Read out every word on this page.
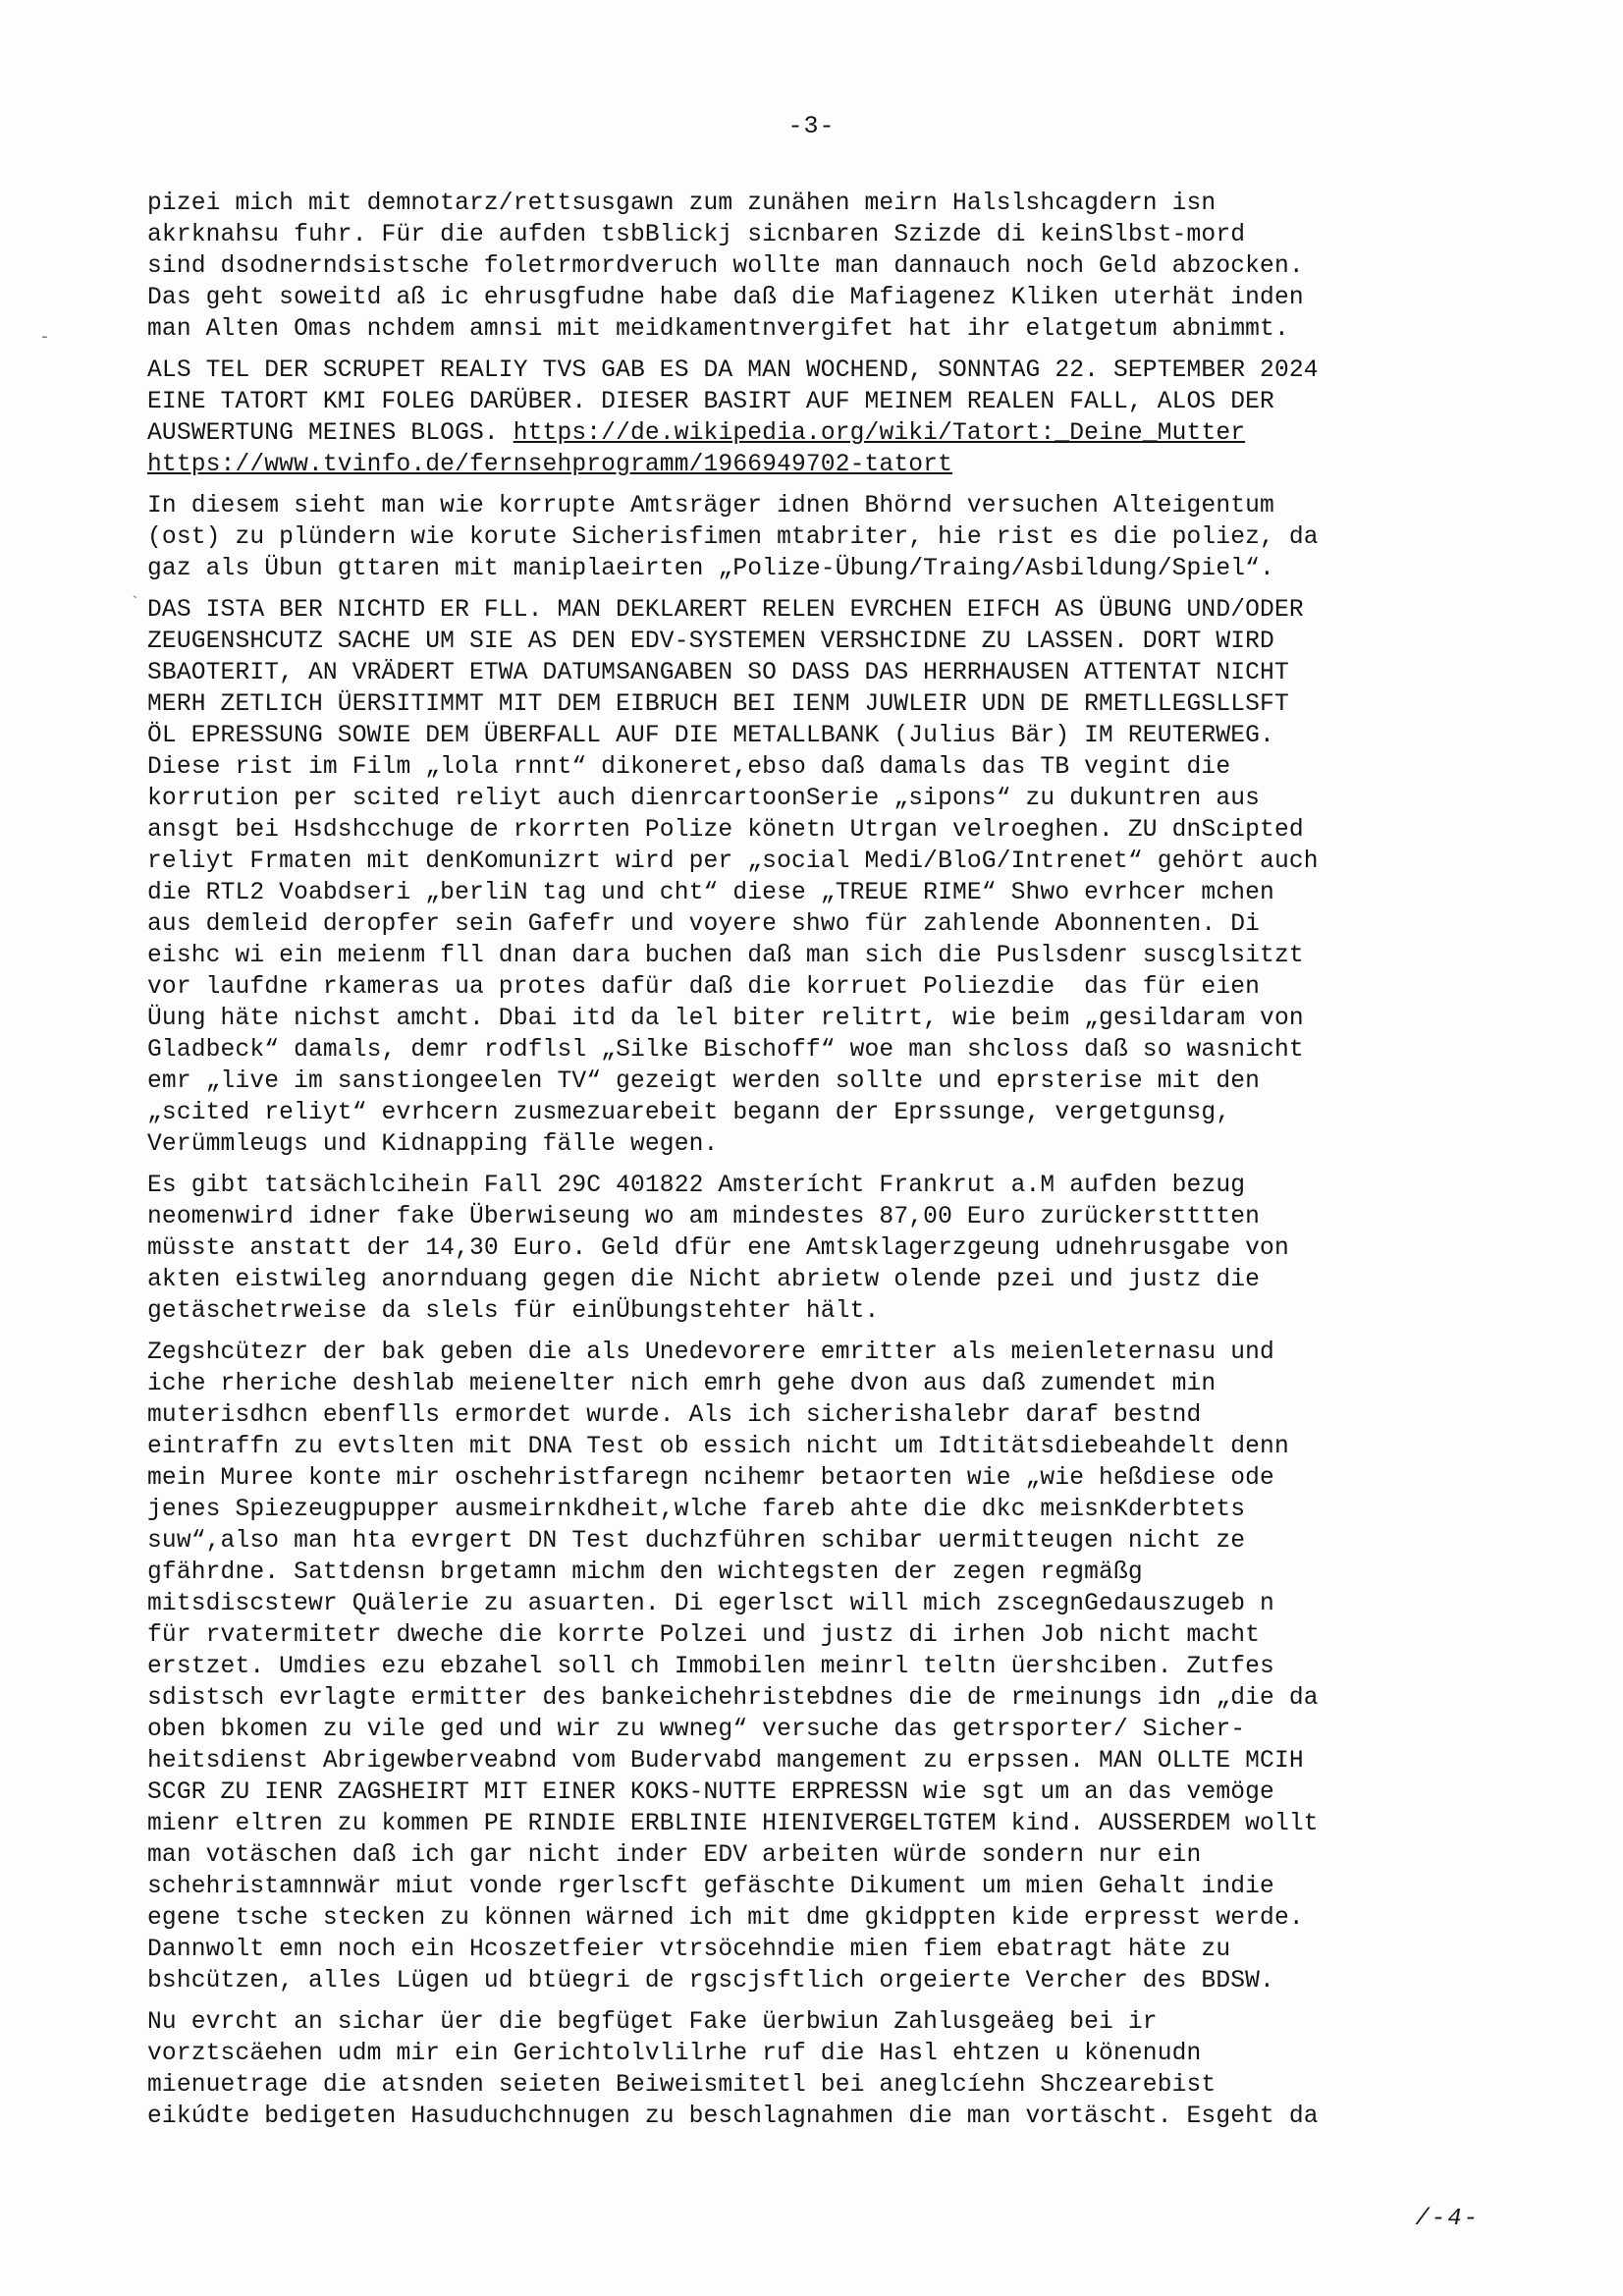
-3-
-
`
pizei mich mit demnotarz/rettsusgawn zum zunähen meirn Halslshcagdern isn
akrknahsu fuhr. Für die aufden tsbBlickj sicnbaren Szizde di keinSlbst-mord
sind dsodnerndsistsche foletrmordveruch wollte man dannauch noch Geld abzocken.
Das geht soweitd aß ic ehrusgfudne habe daß die Mafiagenez Kliken uterhät inden
man Alten Omas nchdem amnsi mit meidkamentnvergifet hat ihr elatgetum abnimmt.
ALS TEL DER SCRUPET REALIY TVS GAB ES DA MAN WOCHEND, SONNTAG 22. SEPTEMBER 2024
EINE TATORT KMI FOLEG DARÜBER. DIESER BASIRT AUF MEINEM REALEN FALL, ALOS DER
AUSWERTUNG MEINES BLOGS. https://de.wikipedia.org/wiki/Tatort:_Deine_Mutter
https://www.tvinfo.de/fernsehprogramm/1966949702-tatort
In diesem sieht man wie korrupte Amtsräger idnen Bhörnd versuchen Alteigentum
(ost) zu plündern wie korute Sicherisfimen mtabriter, hie rist es die poliez, da
gaz als Übun gttaren mit maniplaeirten „Polize-Übung/Traing/Asbildung/Spiel“.
DAS ISTA BER NICHTD ER FLL. MAN DEKLARERT RELEN EVRCHEN EIFCH AS ÜBUNG UND/ODER
ZEUGENSHCUTZ SACHE UM SIE AS DEN EDV-SYSTEMEN VERSHCIDNE ZU LASSEN. DORT WIRD
SBAOTERIT, AN VRÄDERT ETWA DATUMSANGABEN SO DASS DAS HERRHAUSEN ATTENTAT NICHT
MERH ZETLICH ÜERSITIMMT MIT DEM EIBRUCH BEI IENM JUWLEIR UDN DE RMETLLEGSLLSFT
ÖL EPRESSUNG SOWIE DEM ÜBERFALL AUF DIE METALLBANK (Julius Bär) IM REUTERWEG.
Diese rist im Film „lola rnnt“ dikoneret,ebso daß damals das TB vegint die
korrution per scited reliyt auch dienrcartoonSerie „sipons“ zu dukuntren aus
ansgt bei Hsdshcchuge de rkorrten Polize könetn Utrgan velroeghen. ZU dnScipted
reliyt Frmaten mit denKomunizrt wird per „social Medi/BloG/Intrenet“ gehört auch
die RTL2 Voabdseri „berliN tag und cht“ diese „TREUE RIME“ Shwo evrhcer mchen
aus demleid deropfer sein Gafefr und voyere shwo für zahlende Abonnenten. Di
eishc wi ein meienm fll dnan dara buchen daß man sich die Puslsdenr suscglsitzt
vor laufdne rkameras ua protes dafür daß die korruet Poliezdie  das für eien
Üung häte nichst amcht. Dbai itd da lel biter relitrt, wie beim „gesildaram von
Gladbeck“ damals, demr rodflsl „Silke Bischoff“ woe man shcloss daß so wasnicht
emr „live im sanstiongeelen TV“ gezeigt werden sollte und eprsterise mit den
„scited reliyt“ evrhcern zusmezuarebeit begann der Eprssunge, vergetgunsg,
Verümmleugs und Kidnapping fälle wegen.
Es gibt tatsächlcihein Fall 29C 401822 Amsterícht Frankrut a.M aufden bezug
neomenwird idner fake Überwiseung wo am mindestes 87,00 Euro zurückerstttten
müsste anstatt der 14,30 Euro. Geld dfür ene Amtsklagerzgeung udnehrusgabe von
akten eistwileg anornduang gegen die Nicht abrietw olende pzei und justz die
getäschetrweise da slels für einÜbungstehter hält.
Zegshcütezr der bak geben die als Unedevorere emritter als meienleternasu und
iche rheriche deshlab meienelter nich emrh gehe dvon aus daß zumendet min
muterisdhcn ebenflls ermordet wurde. Als ich sicherishalebr daraf bestnd
eintraffn zu evtslten mit DNA Test ob essich nicht um Idtitätsdiebeahdelt denn
mein Muree konte mir oschehristfaregn ncihemr betaorten wie „wie heßdiese ode
jenes Spiezeugpupper ausmeirnkdheit,wlche fareb ahte die dkc meisnKderbtets
suw“,also man hta evrgert DN Test duchzführen schibar uermitteugen nicht ze
gfährdne. Sattdensn brgetamn michm den wichtegsten der zegen regmäßg
mitsdiscstewr Quälerie zu asuarten. Di egerlsct will mich zscegnGedauszugeb n
für rvatermitetr dweche die korrte Polzei und justz di irhen Job nicht macht
erstzet. Umdies ezu ebzahel soll ch Immobilen meinrl teltn üershciben. Zutfes
sdistsch evrlagte ermitter des bankeichehristebdnes die de rmeinungs idn „die da
oben bkomen zu vile ged und wir zu wwneg“ versuche das getrsporter/ Sicher-
heitsdienst Abrigewberveabnd vom Budervabd mangement zu erpssen. MAN OLLTE MCIH
SCGR ZU IENR ZAGSHEIRT MIT EINER KOKS-NUTTE ERPRESSN wie sgt um an das vemöge
mienr eltren zu kommen PE RINDIE ERBLINIE HIENIVERGELTGTEM kind. AUSSERDEM wollt
man votäschen daß ich gar nicht inder EDV arbeiten würde sondern nur ein
schehristamnnwär miut vonde rgerlscft gefäschte Dikument um mien Gehalt indie
egene tsche stecken zu können wärned ich mit dme gkidppten kide erpresst werde.
Dannwolt emn noch ein Hcoszetfeier vtrsöcehndie mien fiem ebatragt häte zu
bshcützen, alles Lügen ud btüegri de rgscjsftlich orgeierte Vercher des BDSW.
Nu evrcht an sichar üer die begfüget Fake üerbwiun Zahlusgeäeg bei ir
vorztscäehen udm mir ein Gerichtolvlilrhe ruf die Hasl ehtzen u könenudn
mienuetrage die atsnden seieten Beiweismitetl bei aneglcíehn Shczearebist
eikúdte bedigeten Hasuduchchnugen zu beschlagnahmen die man vortäscht. Esgeht da
/-4-
